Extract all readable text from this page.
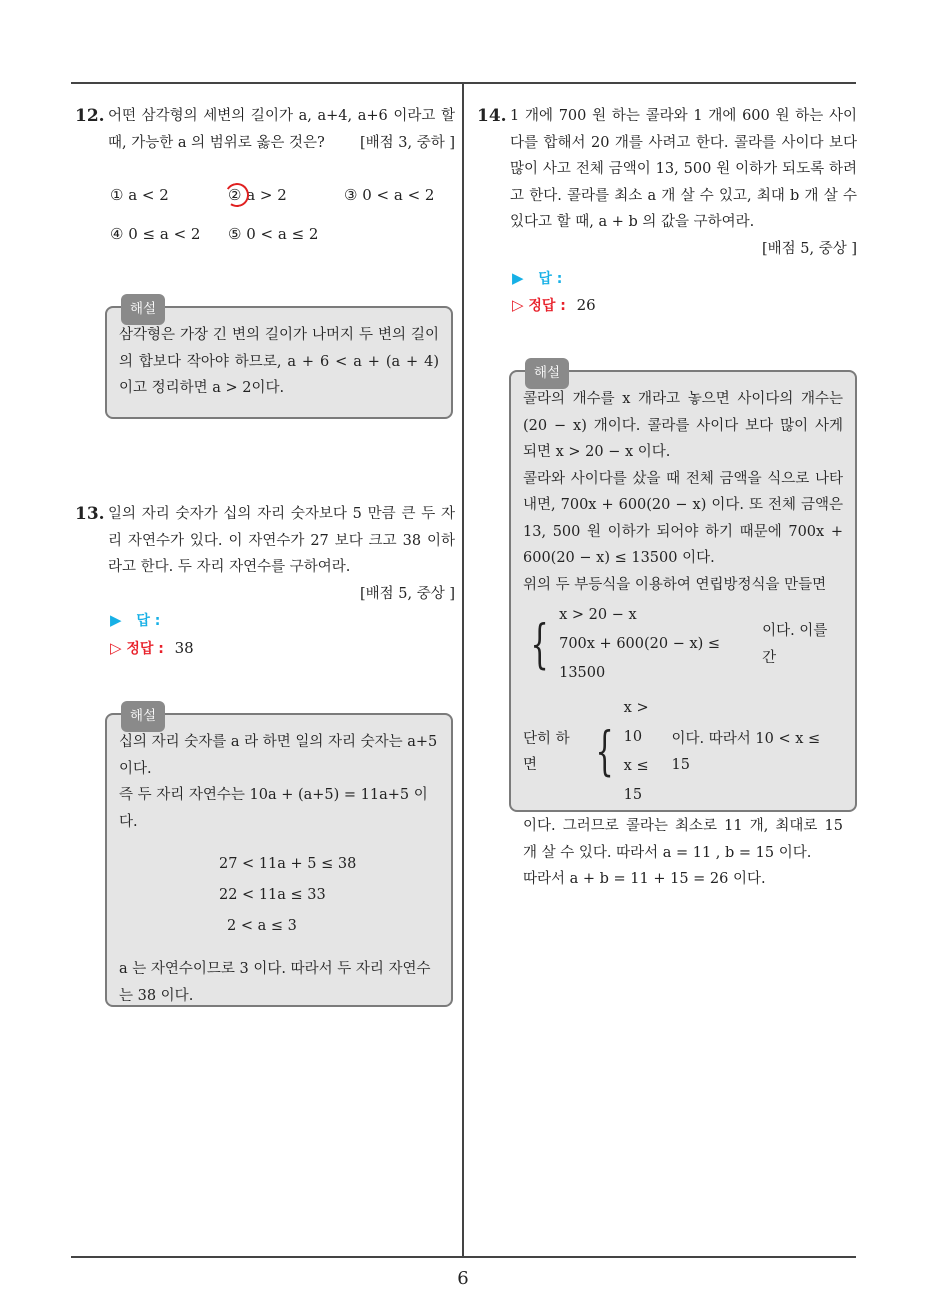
6
12. 어떤 삼각형의 세변의 길이가 a, a+4, a+6 이라고 할 때, 가능한 a 의 범위로 옳은 것은?	[배점 3, 중하 ]
① a < 2	② a > 2	③ 0 < a < 2
④ 0 ≤ a < 2 ⑤ 0 < a ≤ 2
해설
삼각형은 가장 긴 변의 길이가 나머지 두 변의 길이의 합보다 작아야 하므로, a + 6 < a + (a + 4) 이고 정리하면 a > 2이다.
13. 일의 자리 숫자가 십의 자리 숫자보다 5 만큼 큰 두 자리 자연수가 있다. 이 자연수가 27 보다 크고 38 이하라고 한다. 두 자리 자연수를 구하여라.
[배점 5, 중상 ]
▶ 답 :
▷ 정답 : 38
해설
십의 자리 숫자를 a 라 하면 일의 자리 숫자는 a+5 이다.
즉 두 자리 자연수는 10a + (a+5) = 11a+5 이다.
27 < 11a + 5 ≤ 38
22 < 11a ≤ 33
2 < a ≤ 3
a 는 자연수이므로 3 이다. 따라서 두 자리 자연수는 38 이다.
14. 1 개에 700 원 하는 콜라와 1 개에 600 원 하는 사이다를 합해서 20 개를 사려고 한다. 콜라를 사이다 보다 많이 사고 전체 금액이 13, 500 원 이하가 되도록 하려고 한다. 콜라를 최소 a 개 살 수 있고, 최대 b 개 살 수 있다고 할 때, a + b 의 값을 구하여라.
[배점 5, 중상 ]
▶ 답 :
▷ 정답 : 26
해설
콜라의 개수를 x 개라고 놓으면 사이다의 개수는 (20 − x) 개이다. 콜라를 사이다 보다 많이 사게 되면 x > 20 − x 이다.
콜라와 사이다를 샀을 때 전체 금액을 식으로 나타내면, 700x + 600(20 − x) 이다. 또 전체 금액은 13, 500 원 이하가 되어야 하기 때문에 700x + 600(20 − x) ≤ 13500 이다.
위의 두 부등식을 이용하여 연립방정식을 만들면
{ x > 20 − x
700x + 600(20 − x) ≤ 13500
이다. 이를 간
단히 하면	{
x > 10
x ≤ 15
이다. 따라서 10 < x ≤ 15
이다. 그러므로 콜라는 최소로 11 개, 최대로 15 개 살 수 있다. 따라서 a = 11 , b = 15 이다.
따라서 a + b = 11 + 15 = 26 이다.
